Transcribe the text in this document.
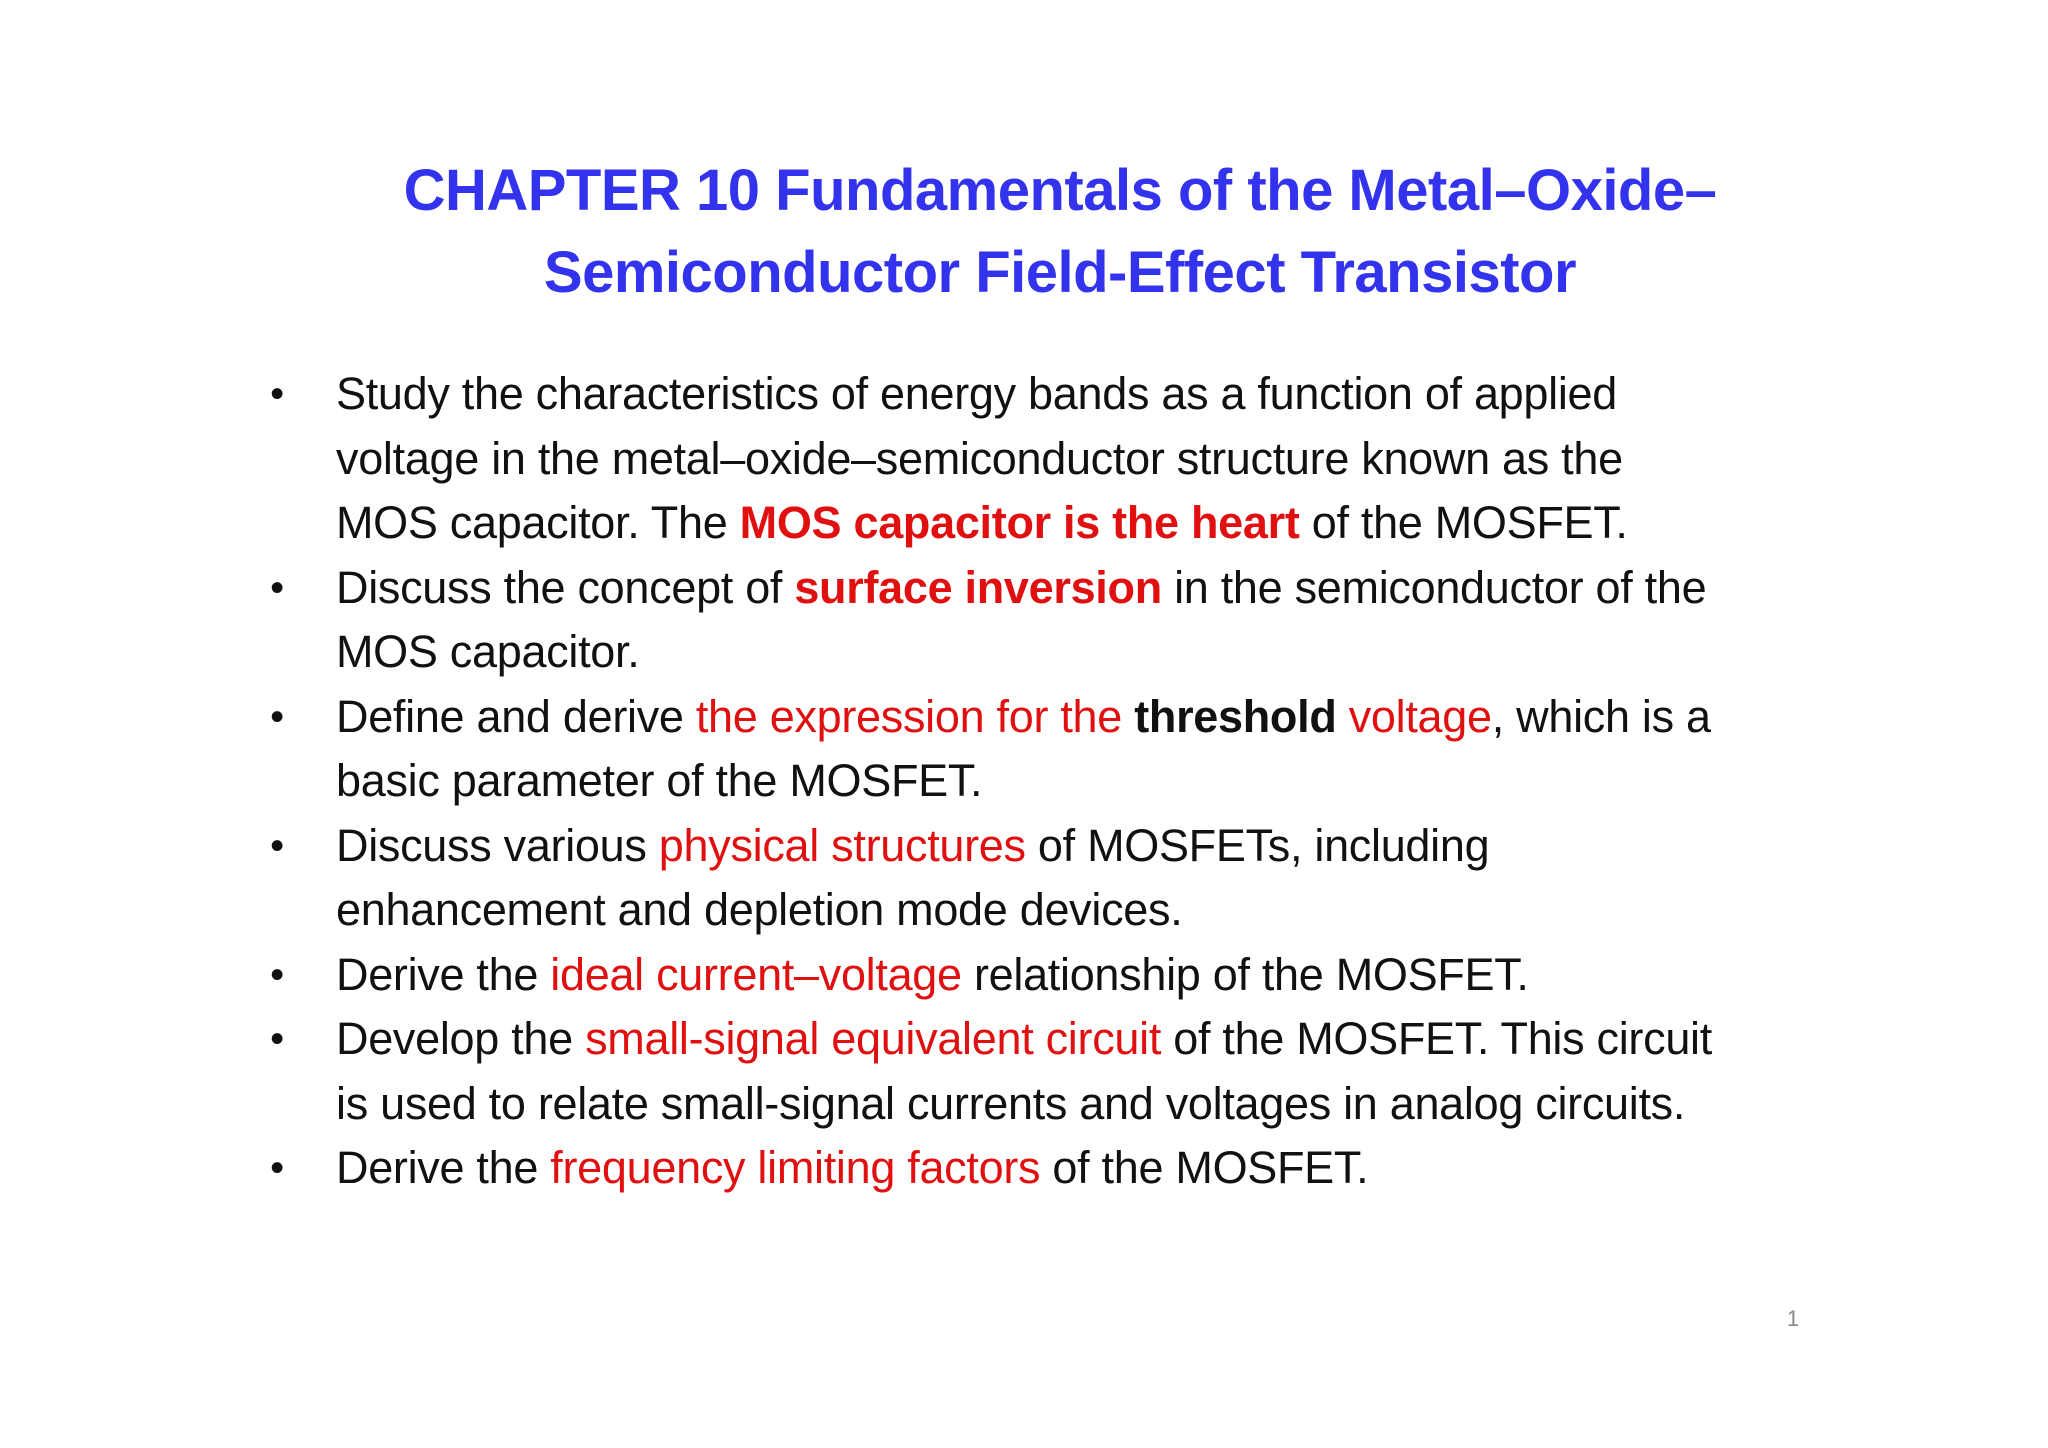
CHAPTER 10 Fundamentals of the Metal–Oxide–
Semiconductor Field-Effect Transistor
• Study the characteristics of energy bands as a function of applied
voltage in the metal–oxide–semiconductor structure known as the
MOS capacitor. The MOS capacitor is the heart of the MOSFET.
• Discuss the concept of surface inversion in the semiconductor of the
MOS capacitor.
• Define and derive the expression for the threshold voltage, which is a
basic parameter of the MOSFET.
• Discuss various physical structures of MOSFETs, including
enhancement and depletion mode devices.
• Derive the ideal current–voltage relationship of the MOSFET.
• Develop the small-signal equivalent circuit of the MOSFET. This circuit
is used to relate small-signal currents and voltages in analog circuits.
• Derive the frequency limiting factors of the MOSFET.
1
